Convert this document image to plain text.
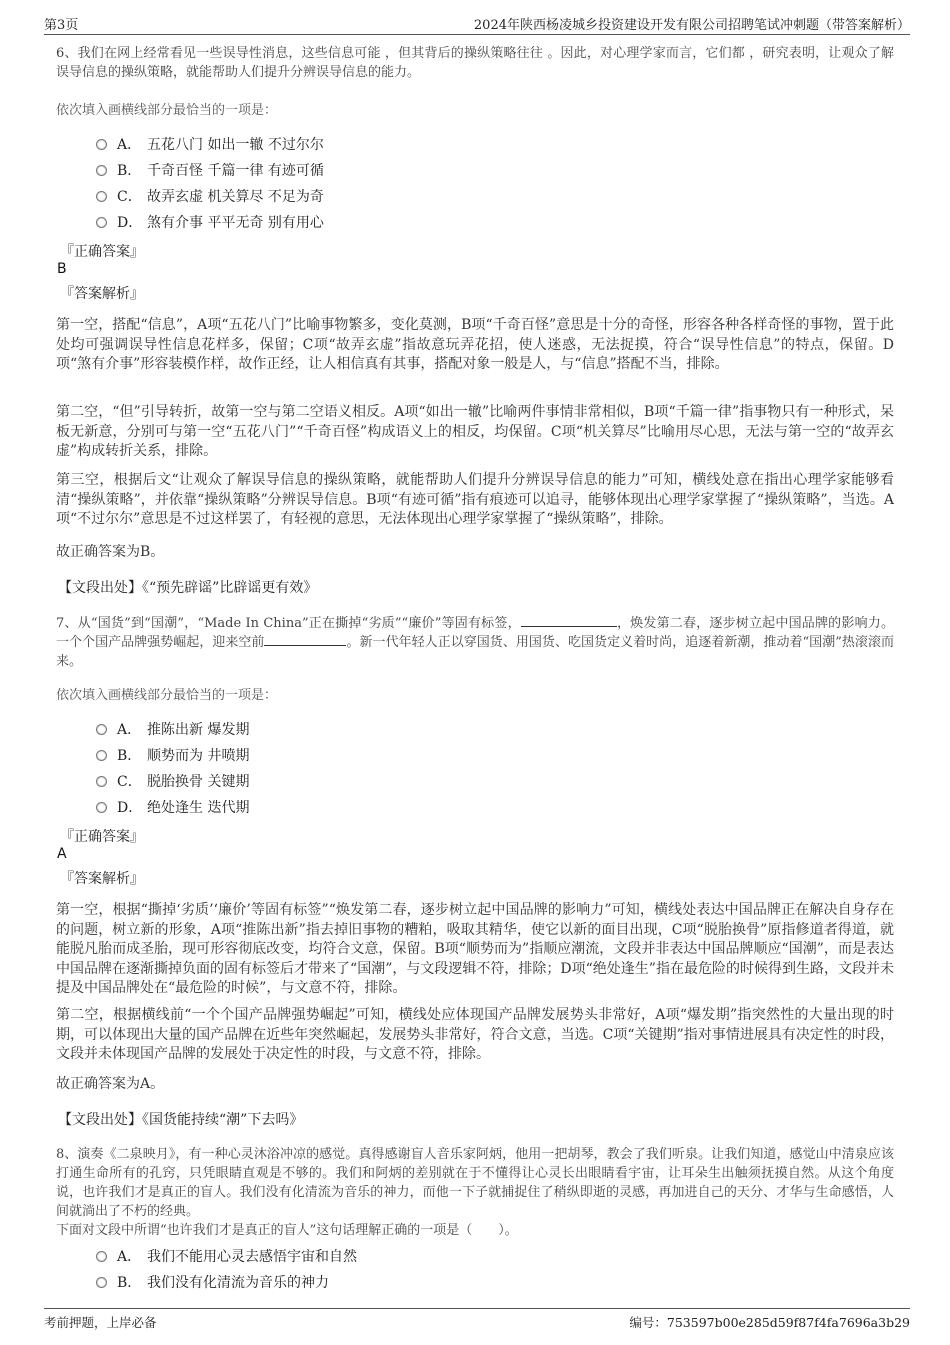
第3页	2024年陕西杨凌城乡投资建设开发有限公司招聘笔试冲刺题（带答案解析）

6、我们在网上经常看见一些误导性消息，这些信息可能 ，但其背后的操纵策略往往 。因此，对心理学家而言，它们都 ，研究表明，让观众了解误导信息的操纵策略，就能帮助人们提升分辨误导信息的能力。

依次填入画横线部分最恰当的一项是：

A． 五花八门 如出一辙 不过尔尔
B． 千奇百怪 千篇一律 有迹可循
C． 故弄玄虚 机关算尽 不足为奇
D． 煞有介事 平平无奇 别有用心
『正确答案』
B
『答案解析』

第一空，搭配“信息”，A项“五花八门”比喻事物繁多，变化莫测，B项“千奇百怪”意思是十分的奇怪，形容各种各样奇怪的事物，置于此处均可强调误导性信息花样多，保留；C项“故弄玄虚”指故意玩弄花招，使人迷惑，无法捉摸，符合“误导性信息”的特点，保留。D项“煞有介事”形容装模作样，故作正经，让人相信真有其事，搭配对象一般是人，与“信息”搭配不当，排除。

第二空，“但”引导转折，故第一空与第二空语义相反。A项“如出一辙”比喻两件事情非常相似，B项“千篇一律”指事物只有一种形式，呆板无新意，分别可与第一空“五花八门”“千奇百怪”构成语义上的相反，均保留。C项“机关算尽”比喻用尽心思，无法与第一空的“故弄玄虚”构成转折关系，排除。

第三空，根据后文“让观众了解误导信息的操纵策略，就能帮助人们提升分辨误导信息的能力”可知，横线处意在指出心理学家能够看清“操纵策略”，并依靠“操纵策略”分辨误导信息。B项“有迹可循”指有痕迹可以追寻，能够体现出心理学家掌握了“操纵策略”，当选。A项“不过尔尔”意思是不过这样罢了，有轻视的意思，无法体现出心理学家掌握了“操纵策略”，排除。

故正确答案为B。

【文段出处】《“预先辟谣”比辟谣更有效》

7、从“国货”到“国潮”，“Made In China”正在撕掉“劣质”“廉价”等固有标签，	，焕发第二春，逐步树立起中国品牌的影响力。一个个国产品牌强势崛起，迎来空前	。新一代年轻人正以穿国货、用国货、吃国货定义着时尚，追逐着新潮，推动着“国潮”热滚滚而来。

依次填入画横线部分最恰当的一项是：

A． 推陈出新 爆发期
B． 顺势而为 井喷期
C． 脱胎换骨 关键期
D． 绝处逢生 迭代期
『正确答案』
A
『答案解析』

第一空，根据“撕掉‘劣质’‘廉价’等固有标签”“焕发第二春，逐步树立起中国品牌的影响力”可知，横线处表达中国品牌正在解决自身存在的问题，树立新的形象，A项“推陈出新”指去掉旧事物的糟粕，吸取其精华，使它以新的面目出现，C项“脱胎换骨”原指修道者得道，就能脱凡胎而成圣胎，现可形容彻底改变，均符合文意，保留。B项“顺势而为”指顺应潮流，文段并非表达中国品牌顺应“国潮”，而是表达中国品牌在逐渐撕掉负面的固有标签后才带来了“国潮”，与文段逻辑不符，排除；D项“绝处逢生”指在最危险的时候得到生路，文段并未提及中国品牌处在“最危险的时候”，与文意不符，排除。

第二空，根据横线前“一个个国产品牌强势崛起”可知，横线处应体现国产品牌发展势头非常好，A项“爆发期”指突然性的大量出现的时期，可以体现出大量的国产品牌在近些年突然崛起，发展势头非常好，符合文意，当选。C项“关键期”指对事情进展具有决定性的时段，文段并未体现国产品牌的发展处于决定性的时段，与文意不符，排除。

故正确答案为A。

【文段出处】《国货能持续“潮”下去吗》

8、演奏《二泉映月》，有一种心灵沐浴冲凉的感觉。真得感谢盲人音乐家阿炳，他用一把胡琴，教会了我们听泉。让我们知道，感觉山中清泉应该打通生命所有的孔窍，只凭眼睛直观是不够的。我们和阿炳的差别就在于不懂得让心灵长出眼睛看宇宙，让耳朵生出触须抚摸自然。从这个角度说，也许我们才是真正的盲人。我们没有化清流为音乐的神力，而他一下子就捕捉住了稍纵即逝的灵感，再加进自己的天分、才华与生命感悟，人间就淌出了不朽的经典。

下面对文段中所谓“也许我们才是真正的盲人”这句话理解正确的一项是（　　）。

A． 我们不能用心灵去感悟宇宙和自然
B． 我们没有化清流为音乐的神力
考前押题，上岸必备	编号：753597b00e285d59f87f4fa7696a3b29
